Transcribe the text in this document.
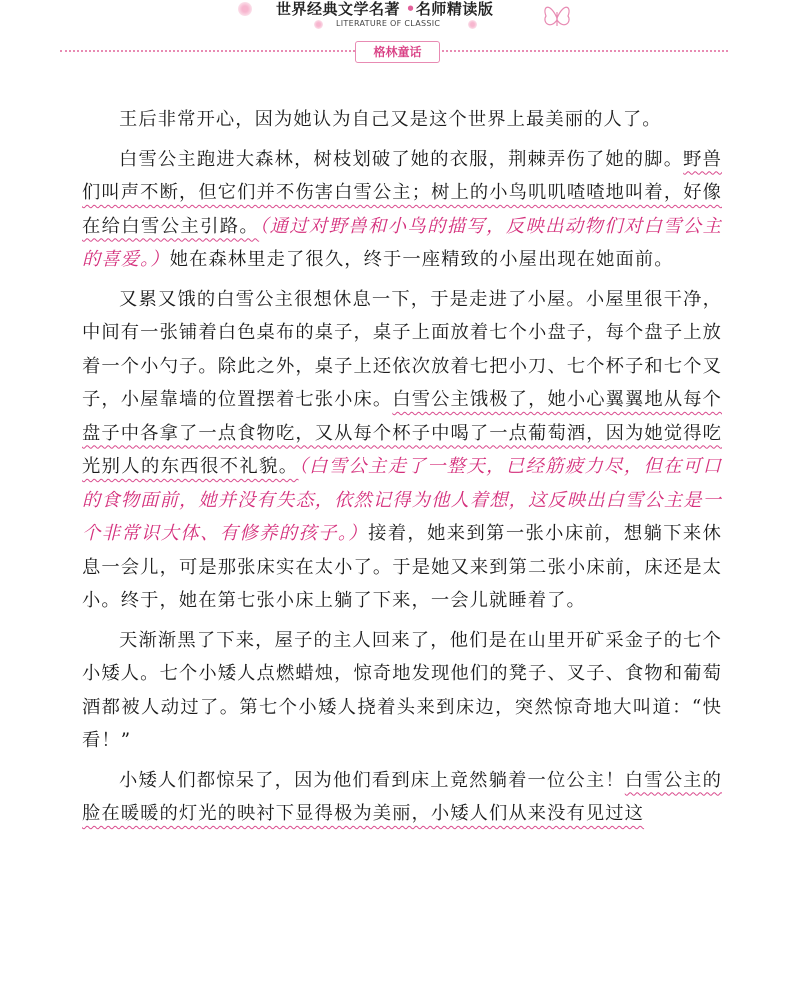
世界经典文学名著 •名师精读版
LITERATURE OF CLASSIC
格林童话

王后非常开心，因为她认为自己又是这个世界上最美丽的人了。

白雪公主跑进大森林，树枝划破了她的衣服，荆棘弄伤了她的脚。野兽们叫声不断，但它们并不伤害白雪公主；树上的小鸟叽叽喳喳地叫着，好像在给白雪公主引路。（通过对野兽和小鸟的描写，反映出动物们对白雪公主的喜爱。）她在森林里走了很久，终于一座精致的小屋出现在她面前。

又累又饿的白雪公主很想休息一下，于是走进了小屋。小屋里很干净，中间有一张铺着白色桌布的桌子，桌子上面放着七个小盘子，每个盘子上放着一个小勺子。除此之外，桌子上还依次放着七把小刀、七个杯子和七个叉子，小屋靠墙的位置摆着七张小床。白雪公主饿极了，她小心翼翼地从每个盘子中各拿了一点食物吃，又从每个杯子中喝了一点葡萄酒，因为她觉得吃光别人的东西很不礼貌。（白雪公主走了一整天，已经筋疲力尽，但在可口的食物面前，她并没有失态，依然记得为他人着想，这反映出白雪公主是一个非常识大体、有修养的孩子。）接着，她来到第一张小床前，想躺下来休息一会儿，可是那张床实在太小了。于是她又来到第二张小床前，床还是太小。终于，她在第七张小床上躺了下来，一会儿就睡着了。

天渐渐黑了下来，屋子的主人回来了，他们是在山里开矿采金子的七个小矮人。七个小矮人点燃蜡烛，惊奇地发现他们的凳子、叉子、食物和葡萄酒都被人动过了。第七个小矮人挠着头来到床边，突然惊奇地大叫道：“快看！”

小矮人们都惊呆了，因为他们看到床上竟然躺着一位公主！白雪公主的脸在暖暖的灯光的映衬下显得极为美丽，小矮人们从来没有见过这
